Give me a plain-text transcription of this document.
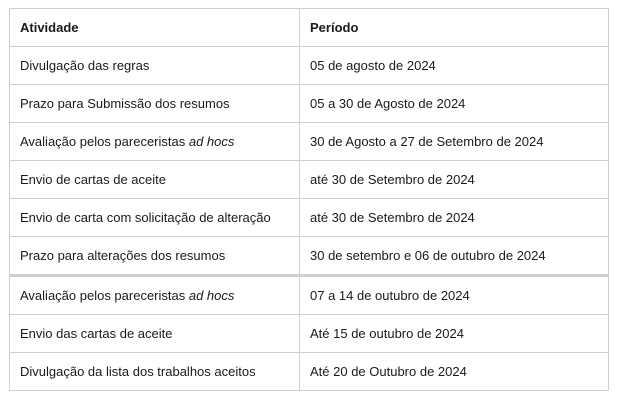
Atividade	Período
Divulgação das regras	05 de agosto de 2024
Prazo para Submissão dos resumos	05 a 30 de Agosto de 2024
Avaliação pelos pareceristas ad hocs	30 de Agosto a 27 de Setembro de 2024
Envio de cartas de aceite	até 30 de Setembro de 2024
Envio de carta com solicitação de alteração	até 30 de Setembro de 2024
Prazo para alterações dos resumos	30 de setembro e 06 de outubro de 2024
Avaliação pelos pareceristas ad hocs	07 a 14 de outubro de 2024
Envio das cartas de aceite	Até 15 de outubro de 2024
Divulgação da lista dos trabalhos aceitos	Até 20 de Outubro de 2024
